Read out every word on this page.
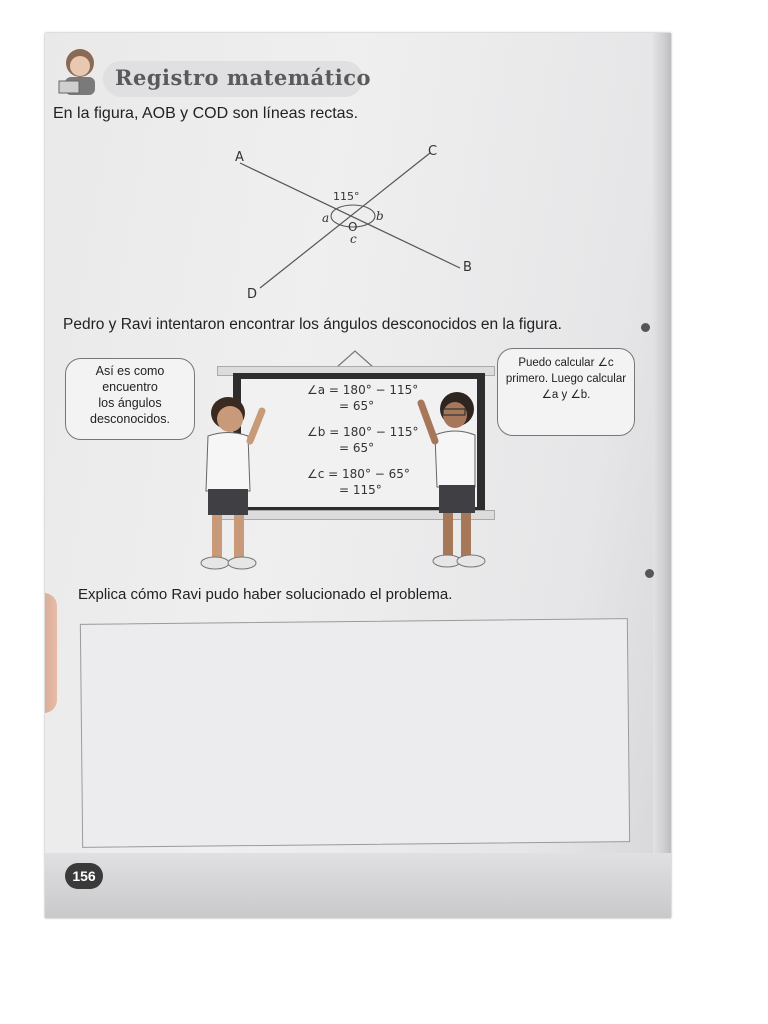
Registro matemático
En la figura, AOB y COD son líneas rectas.
A
B
C
D
O
115°
a	b
c
Pedro y Ravi intentaron encontrar los ángulos desconocidos en la figura.
Así es como
encuentro
los ángulos
desconocidos.
Puedo calcular ∠c
primero. Luego calcular
∠a y ∠b.
∠a = 180° − 115°
= 65°
∠b = 180° − 115°
= 65°
∠c = 180° − 65°
= 115°
Explica cómo Ravi pudo haber solucionado el problema.
156
